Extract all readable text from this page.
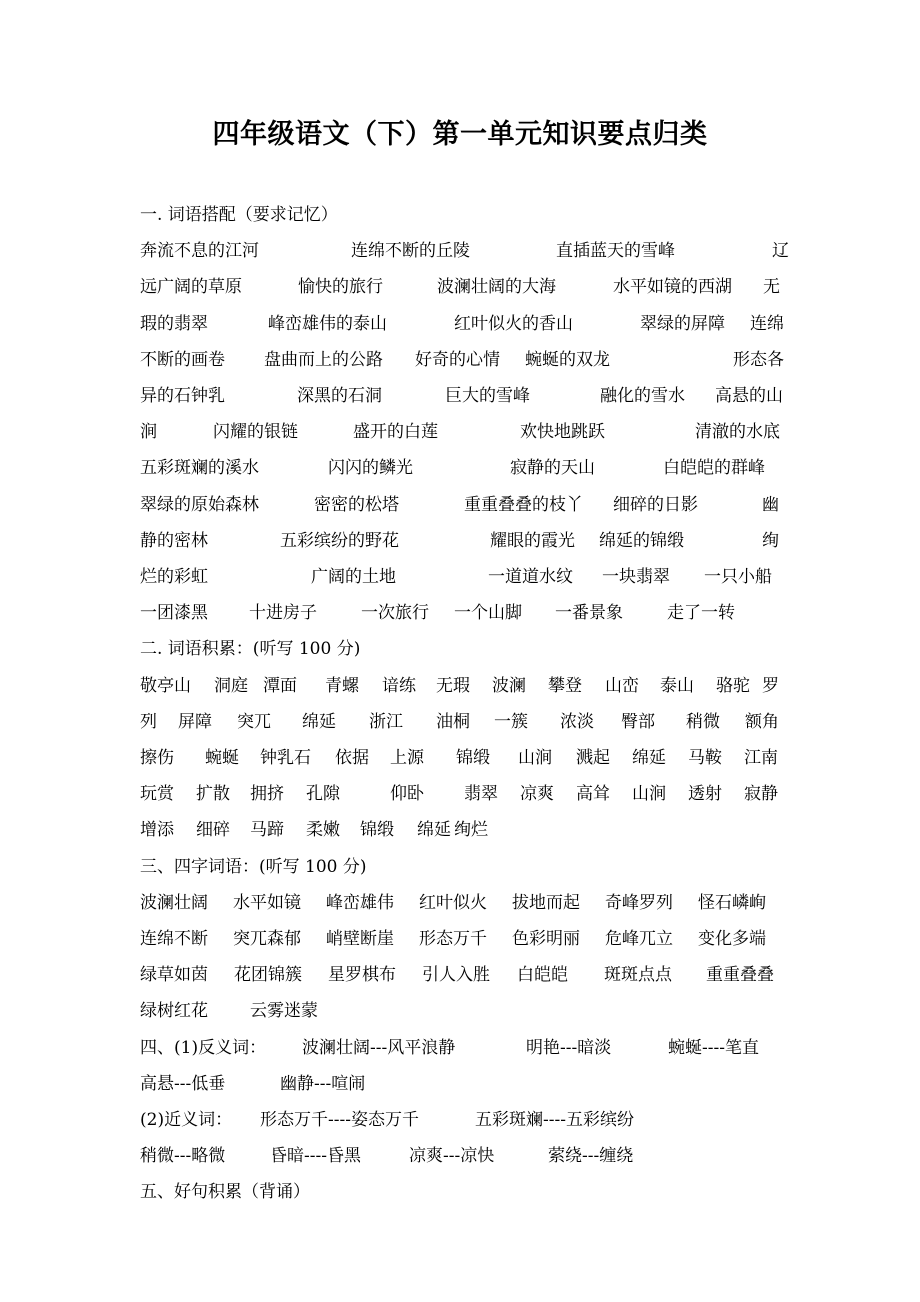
四年级语文（下）第一单元知识要点归类
一. 词语搭配（要求记忆）
奔流不息的江河	连绵不断的丘陵	直插蓝天的雪峰	辽
远广阔的草原	愉快的旅行	波澜壮阔的大海	水平如镜的西湖 无
瑕的翡翠	峰峦雄伟的泰山	红叶似火的香山	翠绿的屏障 连绵
不断的画卷 盘曲而上的公路 好奇的心情 蜿蜒的双龙	形态各
异的石钟乳	深黑的石洞	巨大的雪峰	融化的雪水 高悬的山
涧	闪耀的银链	盛开的白莲	欢快地跳跃	清澈的水底
五彩斑斓的溪水	闪闪的鳞光	寂静的天山	白皑皑的群峰
翠绿的原始森林	密密的松塔	重重叠叠的枝丫 细碎的日影	幽
静的密林	五彩缤纷的野花	耀眼的霞光 绵延的锦缎	绚
烂的彩虹	广阔的土地	一道道水纹 一块翡翠 一只小船
一团漆黑 十进房子	一次旅行 一个山脚 一番景象	走了一转
二. 词语积累：(听写 100 分)
敬亭山 洞庭 潭面 青螺 谙练 无瑕 波澜 攀登 山峦 泰山 骆驼 罗
列 屏障 突兀 绵延 浙江 油桐 一簇 浓淡 臀部 稍微 额角
擦伤 蜿蜒 钟乳石 依据 上源 锦缎 山涧 溅起 绵延 马鞍 江南
玩赏 扩散 拥挤 孔隙	仰卧 翡翠 凉爽 高耸 山涧 透射 寂静
增添 细碎 马蹄 柔嫩 锦缎 绵延 绚烂
三、四字词语：(听写 100 分)
波澜壮阔 水平如镜 峰峦雄伟 红叶似火 拔地而起 奇峰罗列 怪石嶙峋
连绵不断 突兀森郁 峭壁断崖 形态万千 色彩明丽 危峰兀立 变化多端
绿草如茵 花团锦簇 星罗棋布 引人入胜 白皑皑 斑斑点点 重重叠叠
绿树红花 云雾迷蒙
四、(1)反义词： 波澜壮阔---风平浪静	明艳---暗淡	蜿蜒----笔直
高悬---低垂	幽静---喧闹
(2)近义词： 形态万千----姿态万千	五彩斑斓----五彩缤纷
稍微---略微	昏暗----昏黑	凉爽---凉快	萦绕---缠绕
五、好句积累（背诵）
